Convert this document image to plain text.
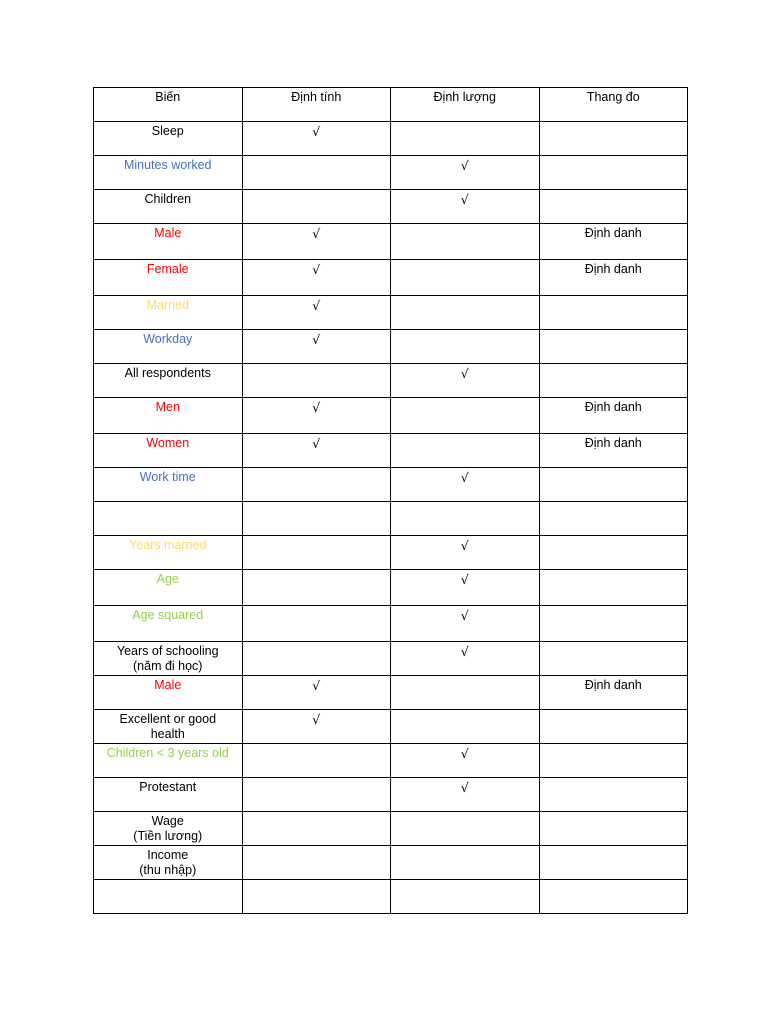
Biến	Định tính	Định lượng	Thang đo
Sleep	√		
Minutes worked		√	
Children		√	
Male	√		Định danh
Female	√		Định danh
Married	√		
Workday	√		
All respondents		√	
Men	√		Định danh
Women	√		Định danh
Work time		√	

Years married		√	
Age		√	
Age squared		√	
Years of schooling
(năm đi học)		√	
Male	√		Định danh
Excellent or good
health	√		
Children < 3 years old		√	
Protestant		√	
Wage
(Tiền lương)			
Income
(thu nhập)			
